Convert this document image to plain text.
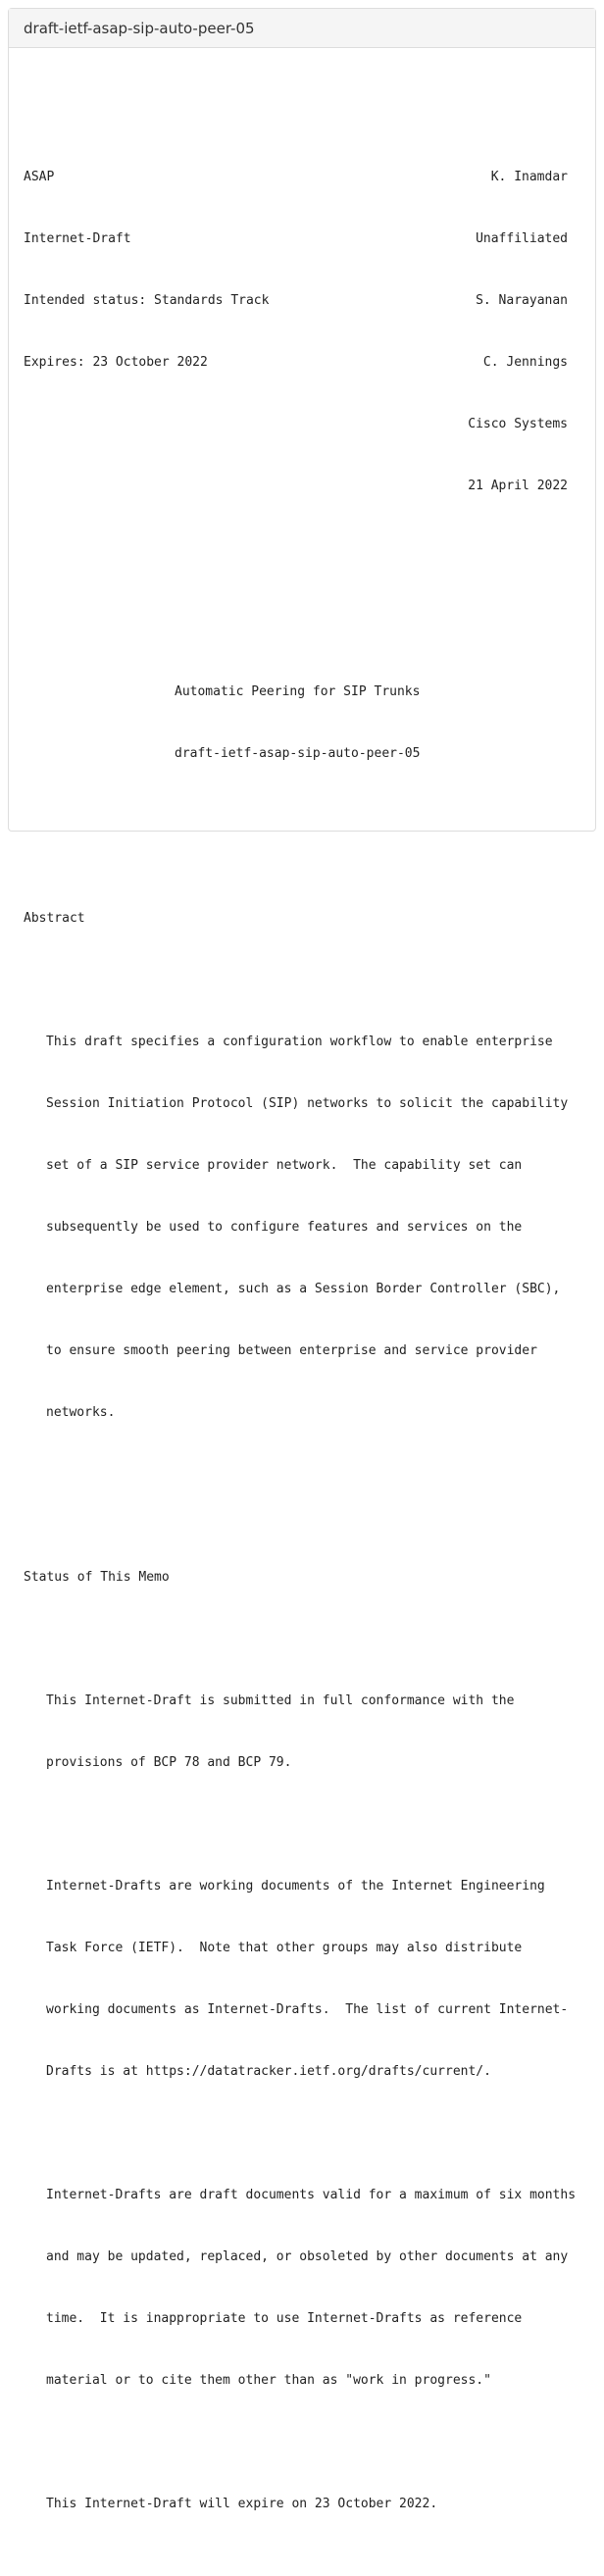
draft-ietf-asap-sip-auto-peer-05

ASAP	K. Inamdar

Internet-Draft	Unaffiliated

Intended status: Standards Track	S. Narayanan

Expires: 23 October 2022	C. Jennings

Cisco Systems

21 April 2022

Automatic Peering for SIP Trunks

draft-ietf-asap-sip-auto-peer-05

Abstract

This draft specifies a configuration workflow to enable enterprise

Session Initiation Protocol (SIP) networks to solicit the capability

set of a SIP service provider network.  The capability set can

subsequently be used to configure features and services on the

enterprise edge element, such as a Session Border Controller (SBC),

to ensure smooth peering between enterprise and service provider

networks.

Status of This Memo

This Internet-Draft is submitted in full conformance with the

provisions of BCP 78 and BCP 79.

Internet-Drafts are working documents of the Internet Engineering

Task Force (IETF).  Note that other groups may also distribute

working documents as Internet-Drafts.  The list of current Internet-

Drafts is at https://datatracker.ietf.org/drafts/current/.

Internet-Drafts are draft documents valid for a maximum of six months

and may be updated, replaced, or obsoleted by other documents at any

time.  It is inappropriate to use Internet-Drafts as reference

material or to cite them other than as "work in progress."

This Internet-Draft will expire on 23 October 2022.
